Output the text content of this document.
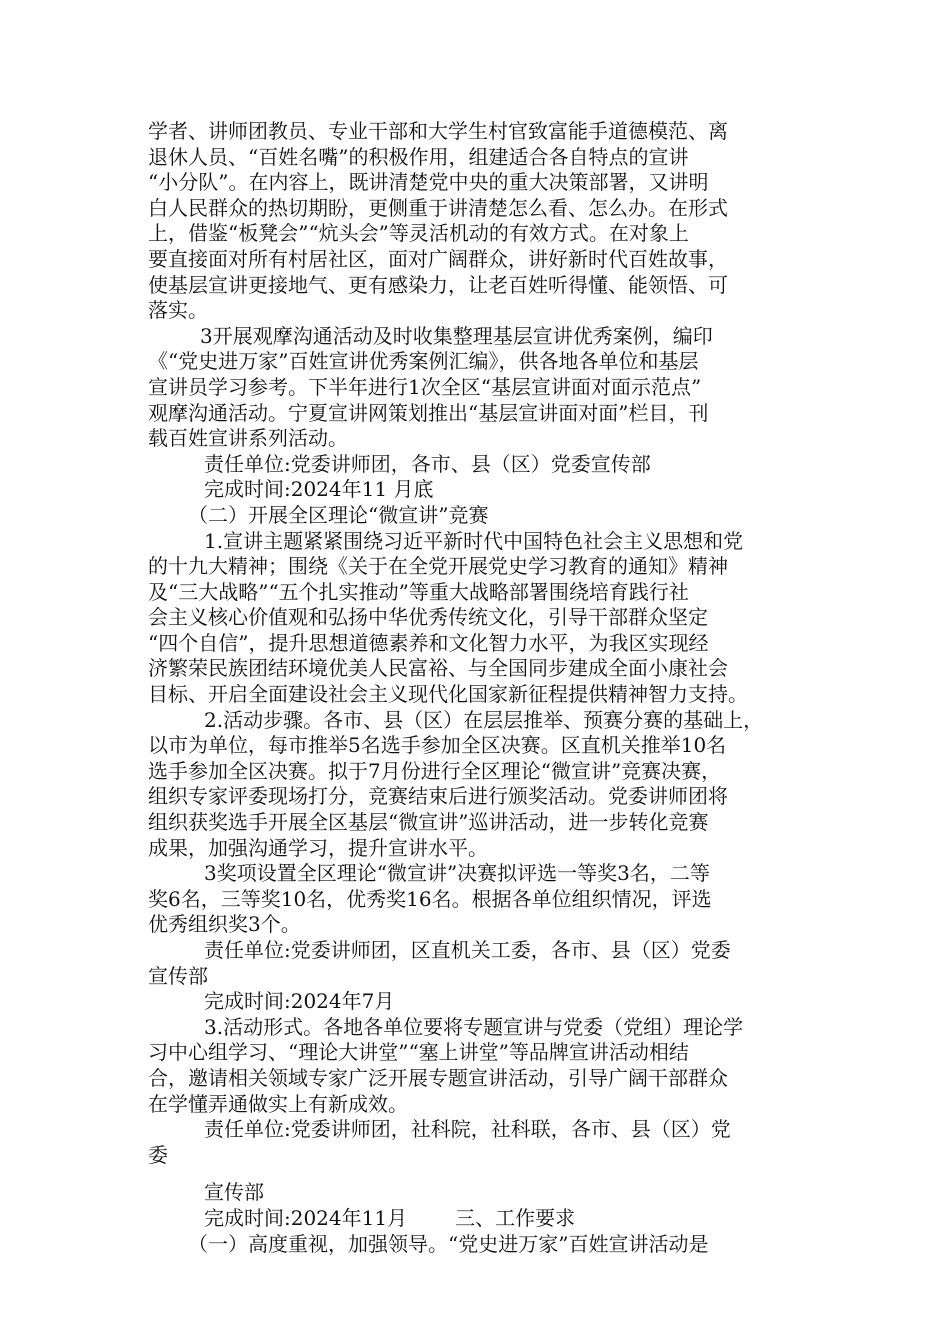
学者、讲师团教员、专业干部和大学生村官致富能手道德模范、离
退休人员、“百姓名嘴”的积极作用，组建适合各自特点的宣讲
“小分队”。在内容上，既讲清楚党中央的重大决策部署，又讲明
白人民群众的热切期盼，更侧重于讲清楚怎么看、怎么办。在形式
上，借鉴“板凳会”“炕头会”等灵活机动的有效方式。在对象上
要直接面对所有村居社区，面对广阔群众，讲好新时代百姓故事，
使基层宣讲更接地气、更有感染力，让老百姓听得懂、能领悟、可
落实。
3开展观摩沟通活动及时收集整理基层宣讲优秀案例，编印
《“党史进万家”百姓宣讲优秀案例汇编》，供各地各单位和基层
宣讲员学习参考。下半年进行1次全区“基层宣讲面对面示范点”
观摩沟通活动。宁夏宣讲网策划推出“基层宣讲面对面”栏目，刊
载百姓宣讲系列活动。
责任单位:党委讲师团，各市、县（区）党委宣传部
完成时间:2024年11 月底
（二）开展全区理论“微宣讲”竞赛
1.宣讲主题紧紧围绕习近平新时代中国特色社会主义思想和党
的十九大精神；围绕《关于在全党开展党史学习教育的通知》精神
及“三大战略”“五个扎实推动”等重大战略部署围绕培育践行社
会主义核心价值观和弘扬中华优秀传统文化，引导干部群众坚定
“四个自信”，提升思想道德素养和文化智力水平，为我区实现经
济繁荣民族团结环境优美人民富裕、与全国同步建成全面小康社会
目标、开启全面建设社会主义现代化国家新征程提供精神智力支持。
2.活动步骤。各市、县（区）在层层推举、预赛分赛的基础上，
以市为单位，每市推举5名选手参加全区决赛。区直机关推举10名
选手参加全区决赛。拟于7月份进行全区理论“微宣讲”竞赛决赛，
组织专家评委现场打分，竞赛结束后进行颁奖活动。党委讲师团将
组织获奖选手开展全区基层“微宣讲”巡讲活动，进一步转化竞赛
成果，加强沟通学习，提升宣讲水平。
3奖项设置全区理论“微宣讲”决赛拟评选一等奖3名，二等
奖6名，三等奖10名，优秀奖16名。根据各单位组织情况，评选
优秀组织奖3个。
责任单位:党委讲师团，区直机关工委，各市、县（区）党委
宣传部
完成时间:2024年7月
3.活动形式。各地各单位要将专题宣讲与党委（党组）理论学
习中心组学习、“理论大讲堂”“塞上讲堂”等品牌宣讲活动相结
合，邀请相关领域专家广泛开展专题宣讲活动，引导广阔干部群众
在学懂弄通做实上有新成效。
责任单位:党委讲师团，社科院，社科联，各市、县（区）党
委
宣传部
完成时间:2024年11月 三、工作要求
（一）高度重视，加强领导。“党史进万家”百姓宣讲活动是
